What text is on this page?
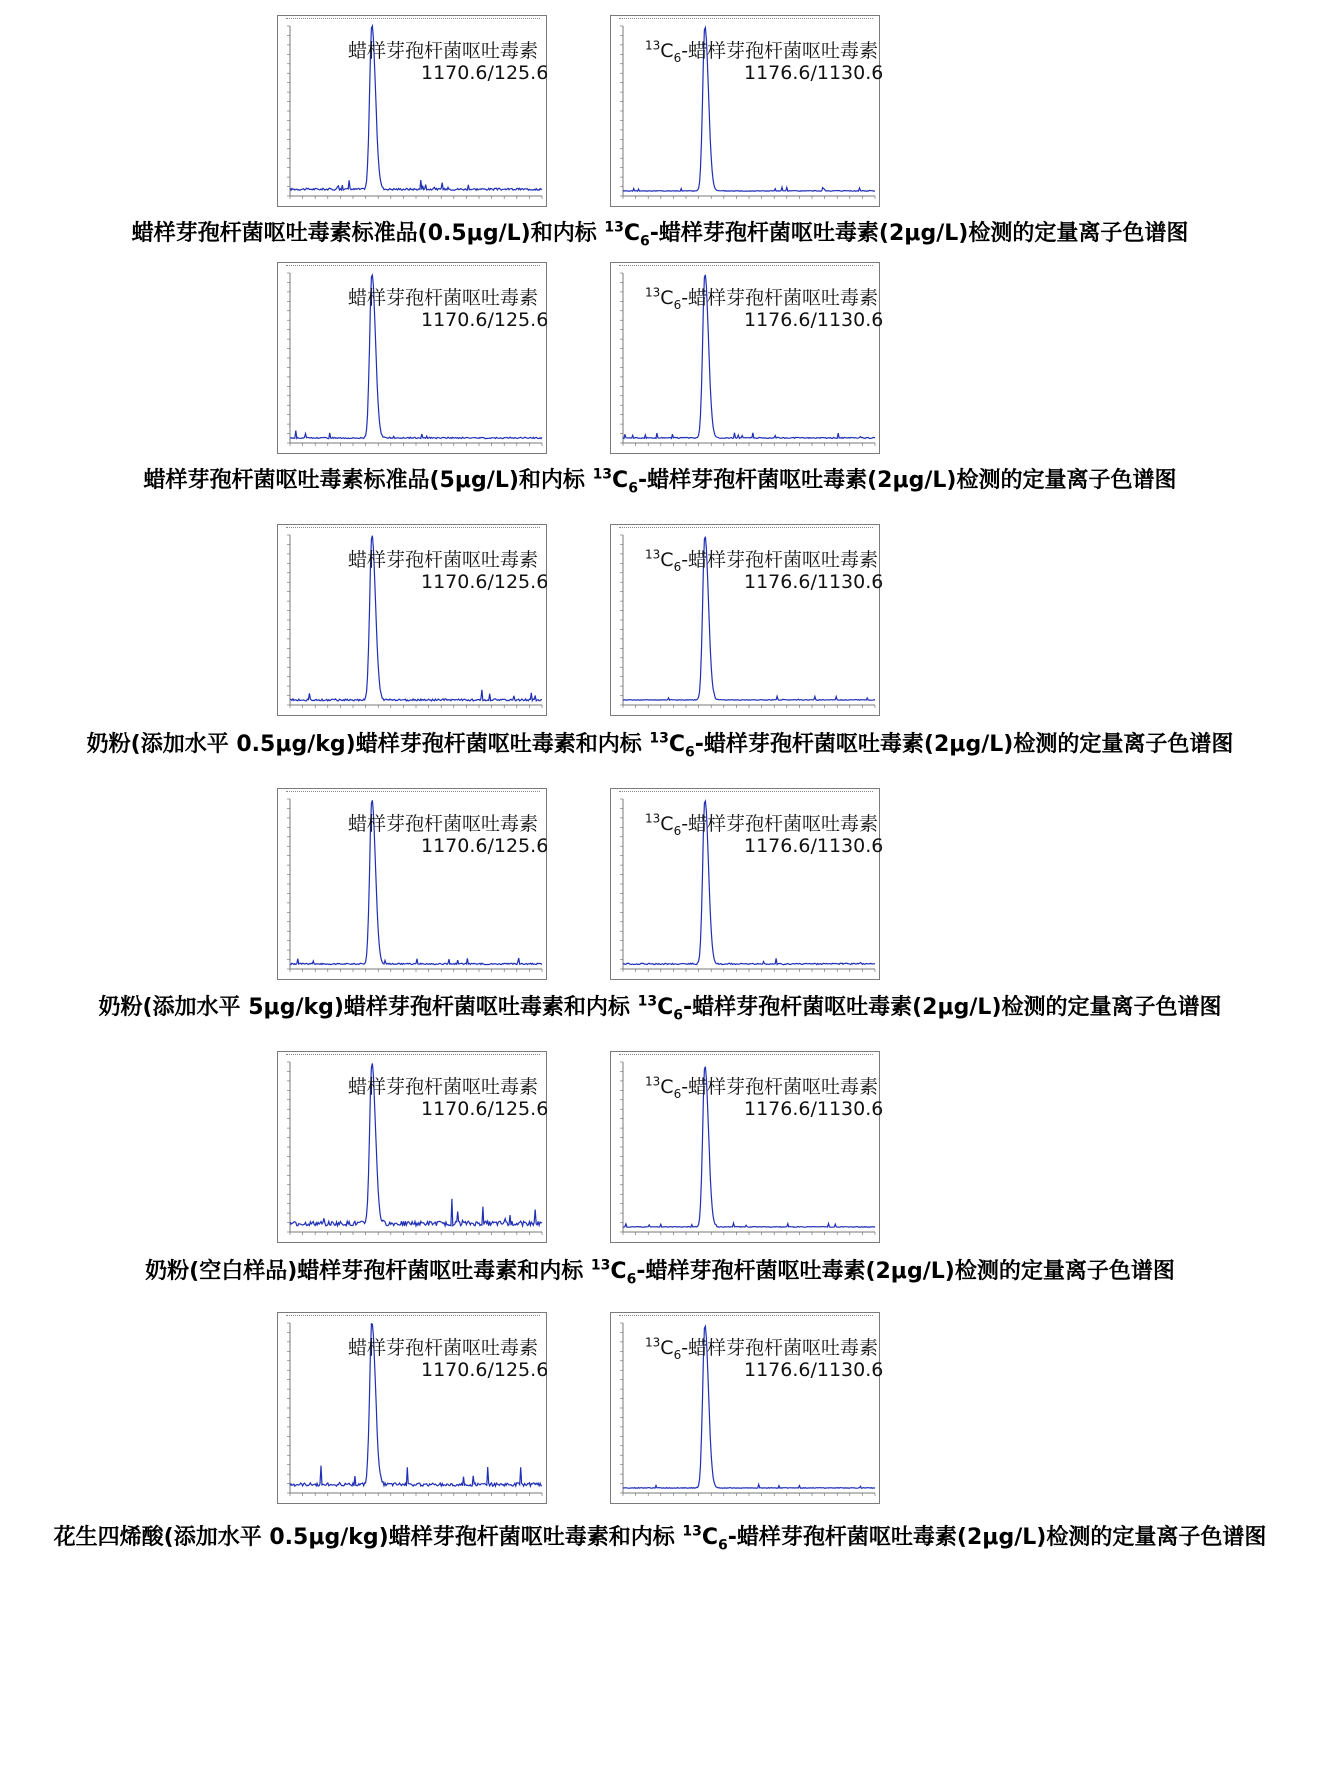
蜡样芽孢杆菌呕吐毒素
1170.6/125.6
$^{13}C_6-$蜡样芽孢杆菌呕吐毒素
1176.6/1130.6
蜡样芽孢杆菌呕吐毒素
1170.6/125.6
$^{13}C_6-$蜡样芽孢杆菌呕吐毒素
1176.6/1130.6
蜡样芽孢杆菌呕吐毒素
1170.6/125.6
$^{13}C_6-$蜡样芽孢杆菌呕吐毒素
1176.6/1130.6
蜡样芽孢杆菌呕吐毒素
1170.6/125.6
$^{13}C_6-$蜡样芽孢杆菌呕吐毒素
1176.6/1130.6
蜡样芽孢杆菌呕吐毒素
1170.6/125.6
$^{13}C_6-$蜡样芽孢杆菌呕吐毒素
1176.6/1130.6
蜡样芽孢杆菌呕吐毒素
1170.6/125.6
$^{13}C_6-$蜡样芽孢杆菌呕吐毒素
1176.6/1130.6
蜡样芽孢杆菌呕吐毒素标准品(0.5μg/L)和内标 $^{13}C_6-$蜡样芽孢杆菌呕吐毒素(2μg/L)检测的定量离子色谱图
蜡样芽孢杆菌呕吐毒素标准品(5μg/L)和内标 $^{13}C_6-$蜡样芽孢杆菌呕吐毒素(2μg/L)检测的定量离子色谱图
奶粉(添加水平 0.5μg/kg)蜡样芽孢杆菌呕吐毒素和内标 $^{13}C_6-$蜡样芽孢杆菌呕吐毒素(2μg/L)检测的定量离子色谱图
奶粉(添加水平 5μg/kg)蜡样芽孢杆菌呕吐毒素和内标 $^{13}C_6-$蜡样芽孢杆菌呕吐毒素(2μg/L)检测的定量离子色谱图
奶粉(空白样品)蜡样芽孢杆菌呕吐毒素和内标 $^{13}C_6-$蜡样芽孢杆菌呕吐毒素(2μg/L)检测的定量离子色谱图
花生四烯酸(添加水平 0.5μg/kg)蜡样芽孢杆菌呕吐毒素和内标 $^{13}C_6-$蜡样芽孢杆菌呕吐毒素(2μg/L)检测的定量离子色谱图
